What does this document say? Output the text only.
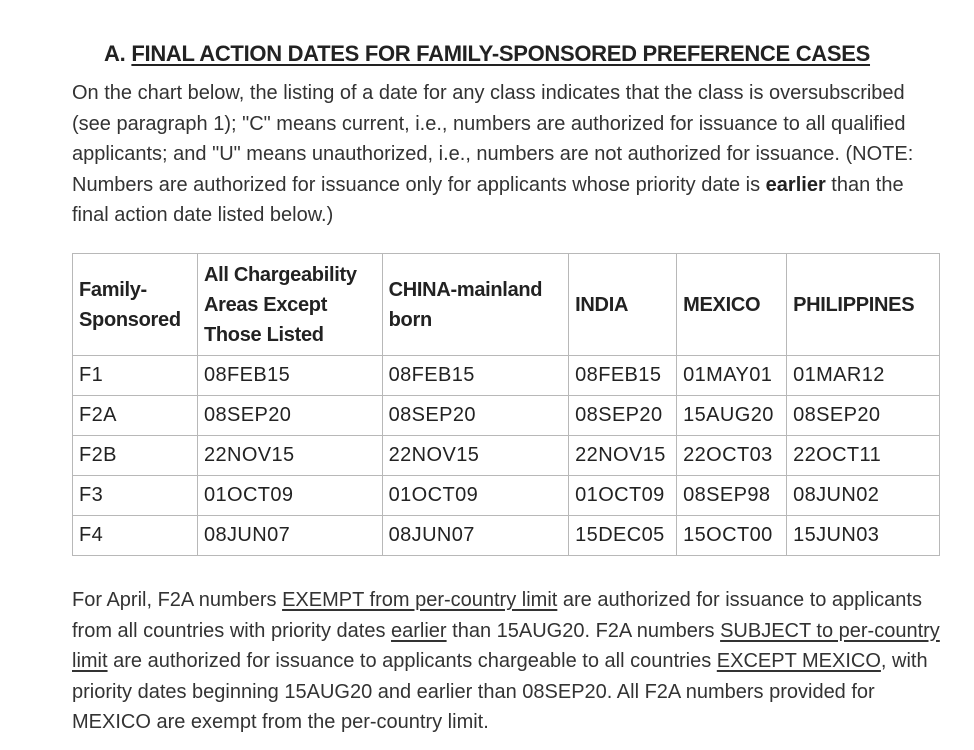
A. FINAL ACTION DATES FOR FAMILY-SPONSORED PREFERENCE CASES

On the chart below, the listing of a date for any class indicates that the class is oversubscribed (see paragraph 1); "C" means current, i.e., numbers are authorized for issuance to all qualified applicants; and "U" means unauthorized, i.e., numbers are not authorized for issuance. (NOTE: Numbers are authorized for issuance only for applicants whose priority date is earlier than the final action date listed below.)

Family-Sponsored	All Chargeability Areas Except Those Listed	CHINA-mainland born	INDIA	MEXICO	PHILIPPINES
F1	08FEB15	08FEB15	08FEB15	01MAY01	01MAR12
F2A	08SEP20	08SEP20	08SEP20	15AUG20	08SEP20
F2B	22NOV15	22NOV15	22NOV15	22OCT03	22OCT11
F3	01OCT09	01OCT09	01OCT09	08SEP98	08JUN02
F4	08JUN07	08JUN07	15DEC05	15OCT00	15JUN03

For April, F2A numbers EXEMPT from per-country limit are authorized for issuance to applicants from all countries with priority dates earlier than 15AUG20. F2A numbers SUBJECT to per-country limit are authorized for issuance to applicants chargeable to all countries EXCEPT MEXICO, with priority dates beginning 15AUG20 and earlier than 08SEP20. All F2A numbers provided for MEXICO are exempt from the per-country limit.
